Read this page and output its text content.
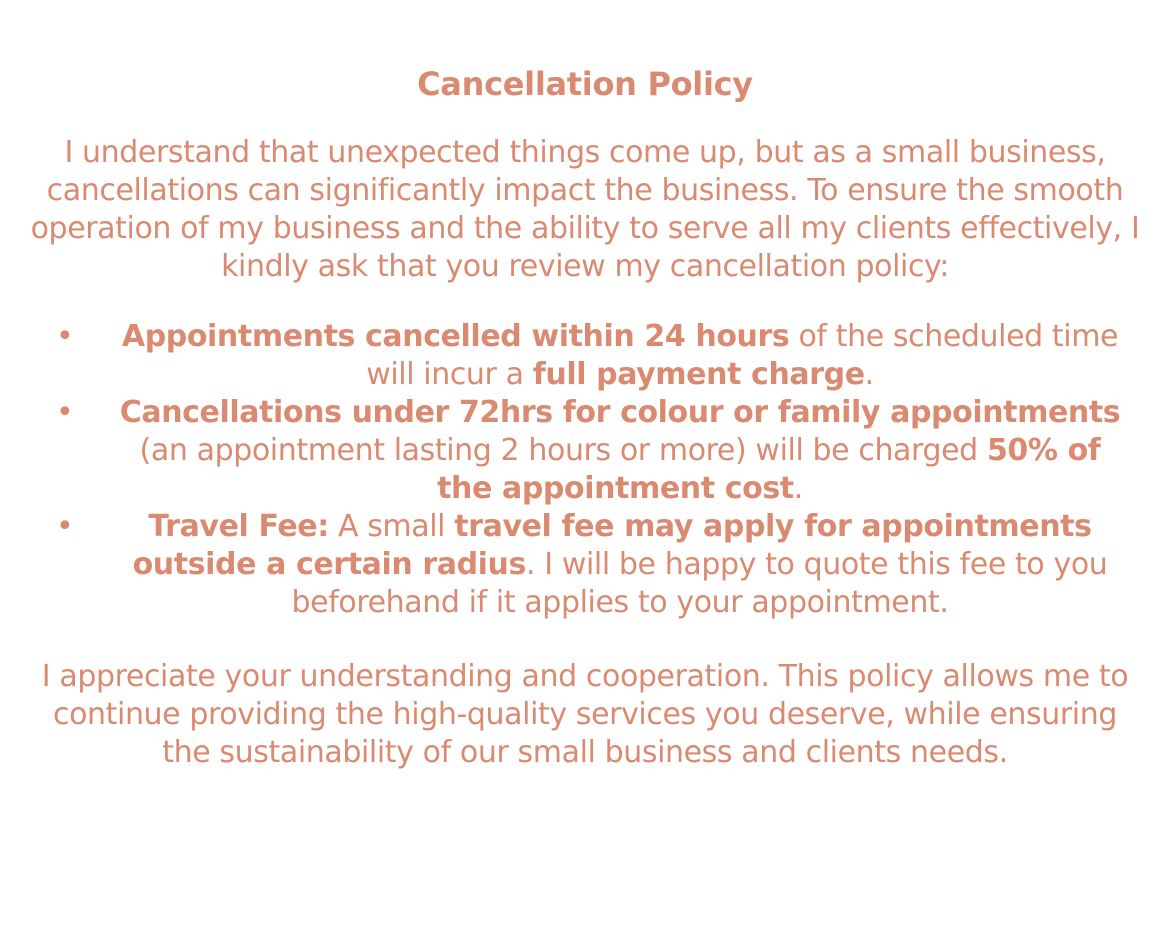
Cancellation Policy

I understand that unexpected things come up, but as a small business, cancellations can significantly impact the business. To ensure the smooth operation of my business and the ability to serve all my clients effectively, I kindly ask that you review my cancellation policy:

• Appointments cancelled within 24 hours of the scheduled time will incur a full payment charge.
• Cancellations under 72hrs for colour or family appointments (an appointment lasting 2 hours or more) will be charged 50% of the appointment cost.
•	Travel Fee: A small travel fee may apply for appointments outside a certain radius. I will be happy to quote this fee to you beforehand if it applies to your appointment.

I appreciate your understanding and cooperation. This policy allows me to continue providing the high-quality services you deserve, while ensuring the sustainability of our small business and clients needs.
